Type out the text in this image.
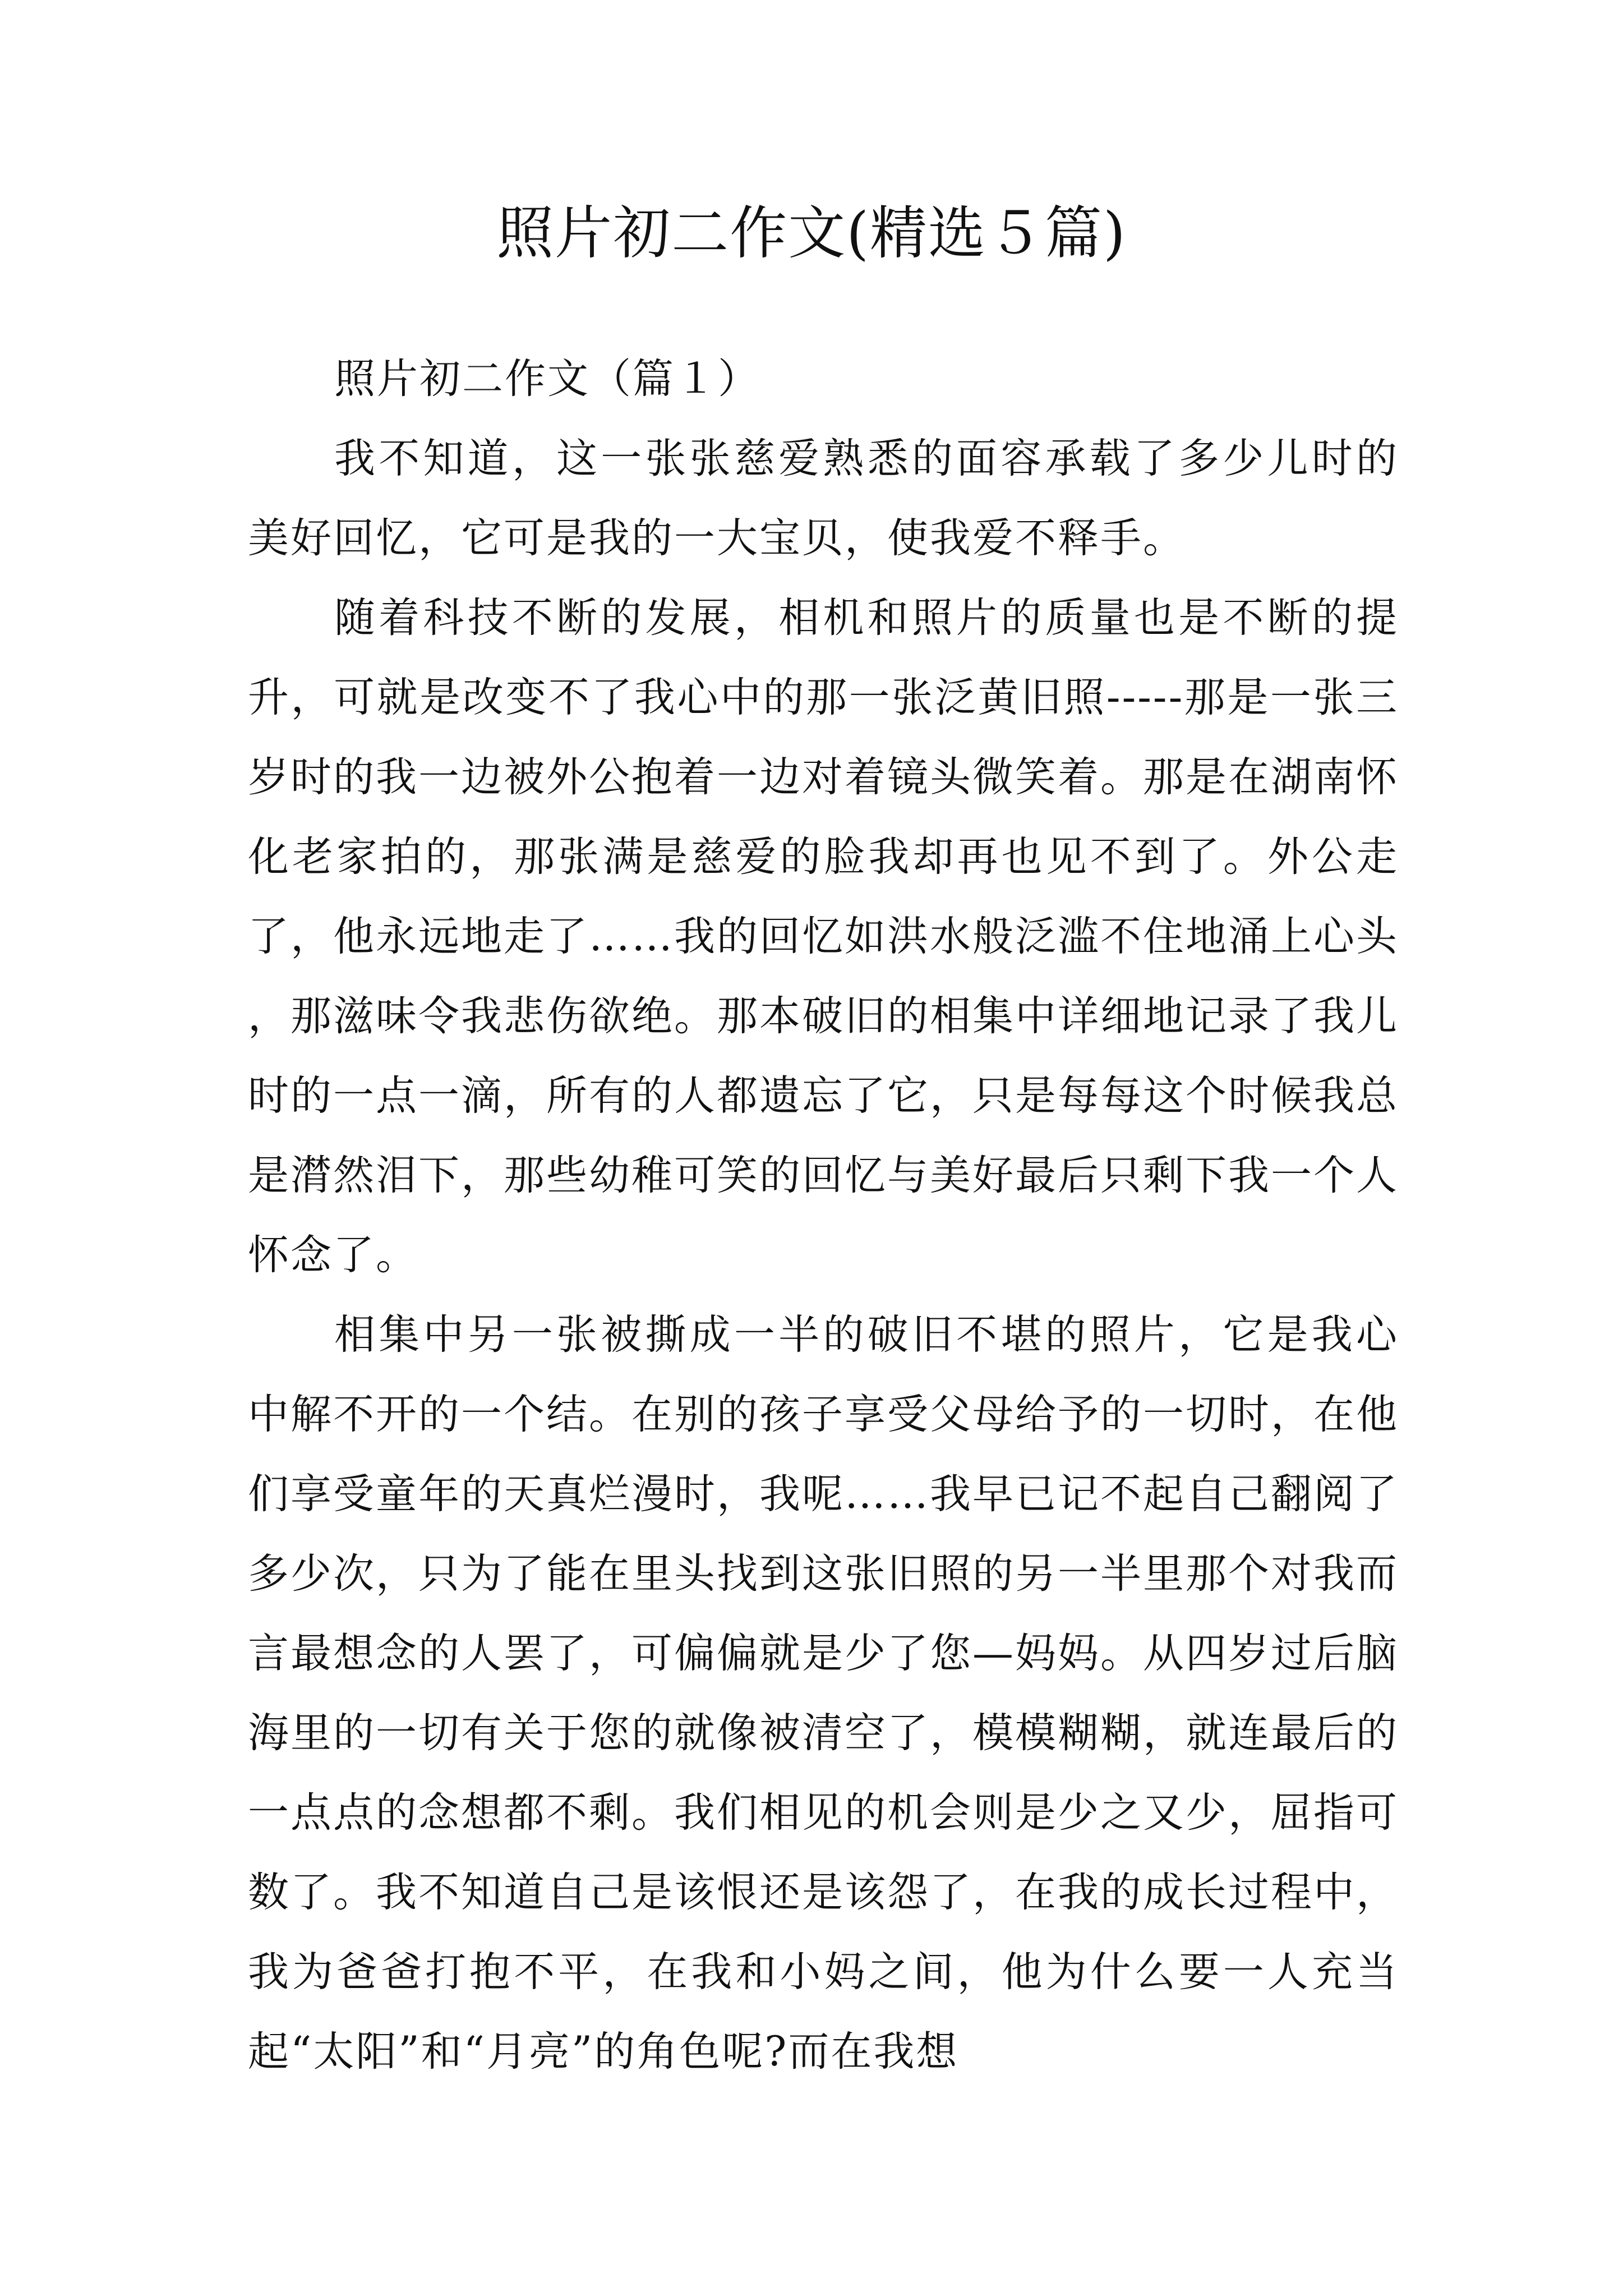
照片初二作文(精选５篇)

照片初二作文（篇１）

我不知道，这一张张慈爱熟悉的面容承载了多少儿时的美好回忆，它可是我的一大宝贝，使我爱不释手。

随着科技不断的发展，相机和照片的质量也是不断的提升，可就是改变不了我心中的那一张泛黄旧照-----那是一张三岁时的我一边被外公抱着一边对着镜头微笑着。那是在湖南怀化老家拍的，那张满是慈爱的脸我却再也见不到了。外公走了，他永远地走了……我的回忆如洪水般泛滥不住地涌上心头 ，那滋味令我悲伤欲绝。那本破旧的相集中详细地记录了我儿时的一点一滴，所有的人都遗忘了它，只是每每这个时候我总是潸然泪下，那些幼稚可笑的回忆与美好最后只剩下我一个人怀念了。

相集中另一张被撕成一半的破旧不堪的照片，它是我心中解不开的一个结。在别的孩子享受父母给予的一切时，在他们享受童年的天真烂漫时，我呢……我早已记不起自己翻阅了多少次，只为了能在里头找到这张旧照的另一半里那个对我而言最想念的人罢了，可偏偏就是少了您—妈妈。从四岁过后脑海里的一切有关于您的就像被清空了，模模糊糊，就连最后的一点点的念想都不剩。我们相见的机会则是少之又少，屈指可数了。我不知道自己是该恨还是该怨了，在我的成长过程中，我为爸爸打抱不平，在我和小妈之间，他为什么要一人充当起“太阳”和“月亮”的角色呢?而在我想
